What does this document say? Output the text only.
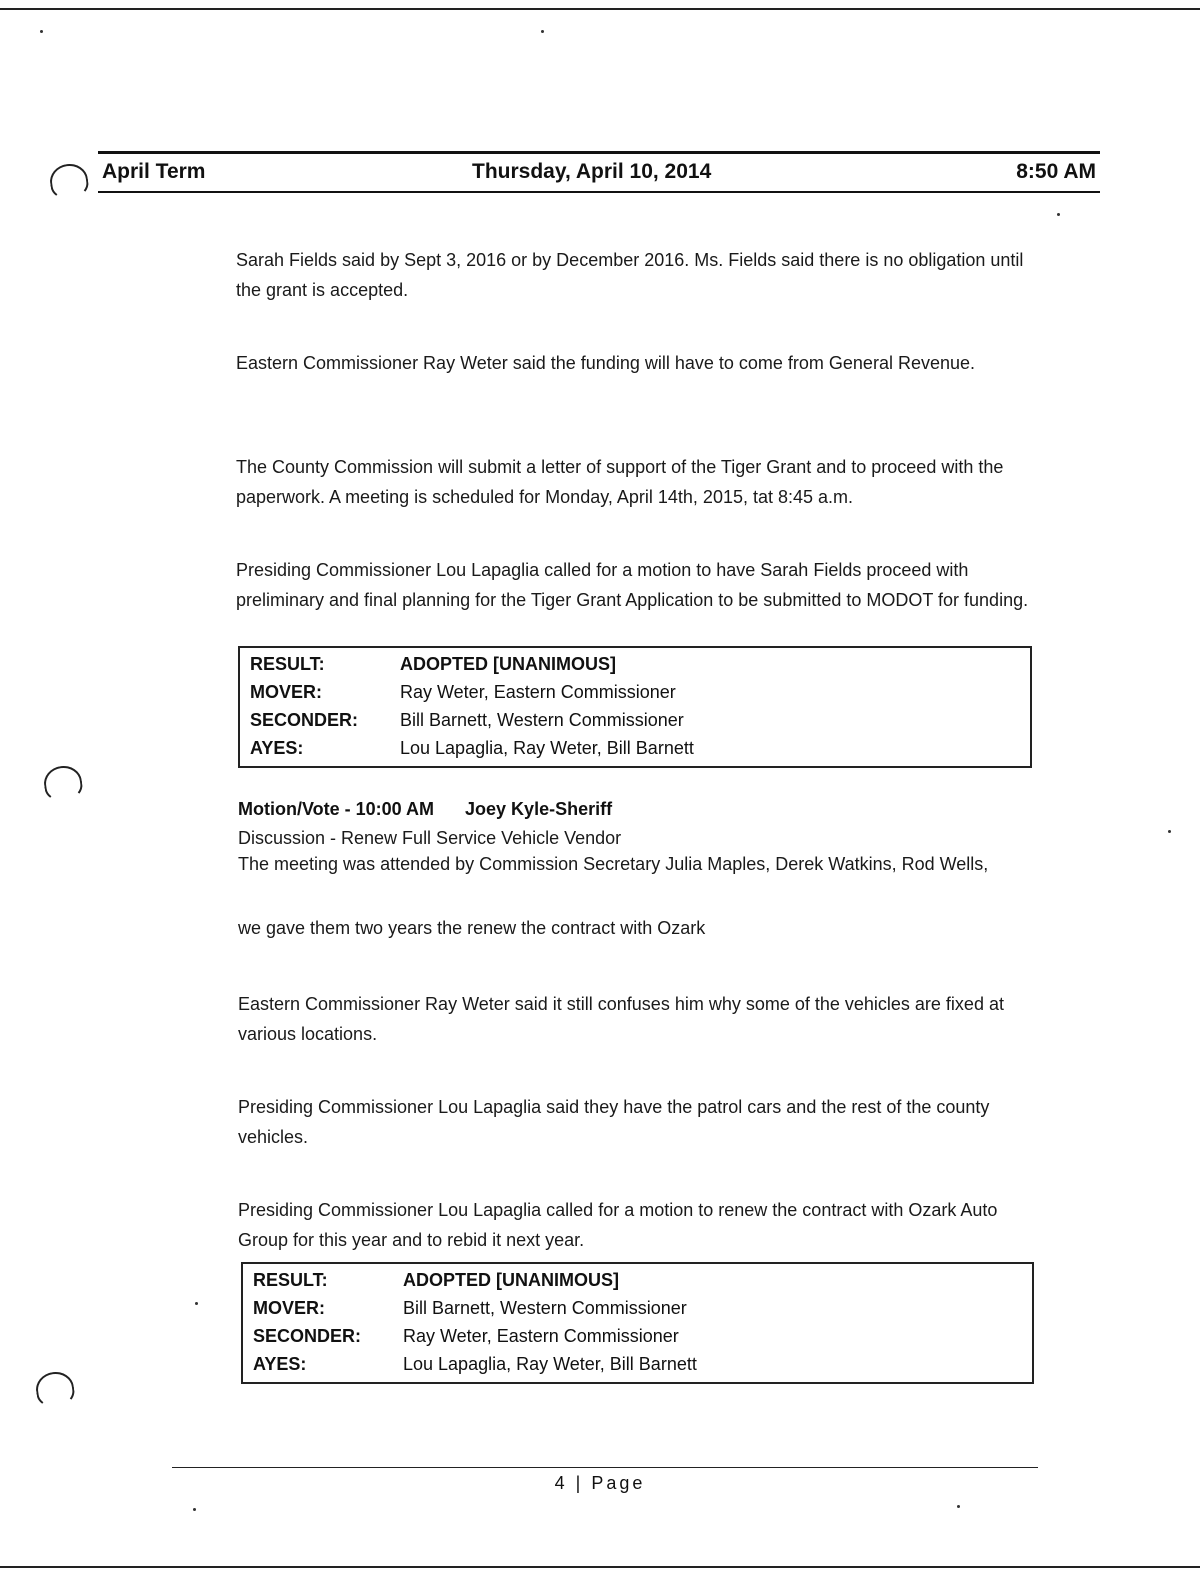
April Term	Thursday, April 10, 2014	8:50 AM
Sarah Fields said by Sept 3, 2016 or by December 2016. Ms. Fields said there is no obligation until the grant is accepted.
Eastern Commissioner Ray Weter said the funding will have to come from General Revenue.
The County Commission will submit a letter of support of the Tiger Grant and to proceed with the paperwork. A meeting is scheduled for Monday, April 14th, 2015, tat 8:45 a.m.
Presiding Commissioner Lou Lapaglia called for a motion to have Sarah Fields proceed with preliminary and final planning for the Tiger Grant Application to be submitted to MODOT for funding.
RESULT:	ADOPTED [UNANIMOUS]
MOVER:	Ray Weter, Eastern Commissioner
SECONDER:	Bill Barnett, Western Commissioner
AYES:	Lou Lapaglia, Ray Weter, Bill Barnett
Motion/Vote - 10:00 AM Joey Kyle-Sheriff
Discussion - Renew Full Service Vehicle Vendor
The meeting was attended by Commission Secretary Julia Maples, Derek Watkins, Rod Wells,
we gave them two years the renew the contract with Ozark
Eastern Commissioner Ray Weter said it still confuses him why some of the vehicles are fixed at various locations.
Presiding Commissioner Lou Lapaglia said they have the patrol cars and the rest of the county vehicles.
Presiding Commissioner Lou Lapaglia called for a motion to renew the contract with Ozark Auto Group for this year and to rebid it next year.
RESULT:	ADOPTED [UNANIMOUS]
MOVER:	Bill Barnett, Western Commissioner
SECONDER:	Ray Weter, Eastern Commissioner
AYES:	Lou Lapaglia, Ray Weter, Bill Barnett
4 | Page
